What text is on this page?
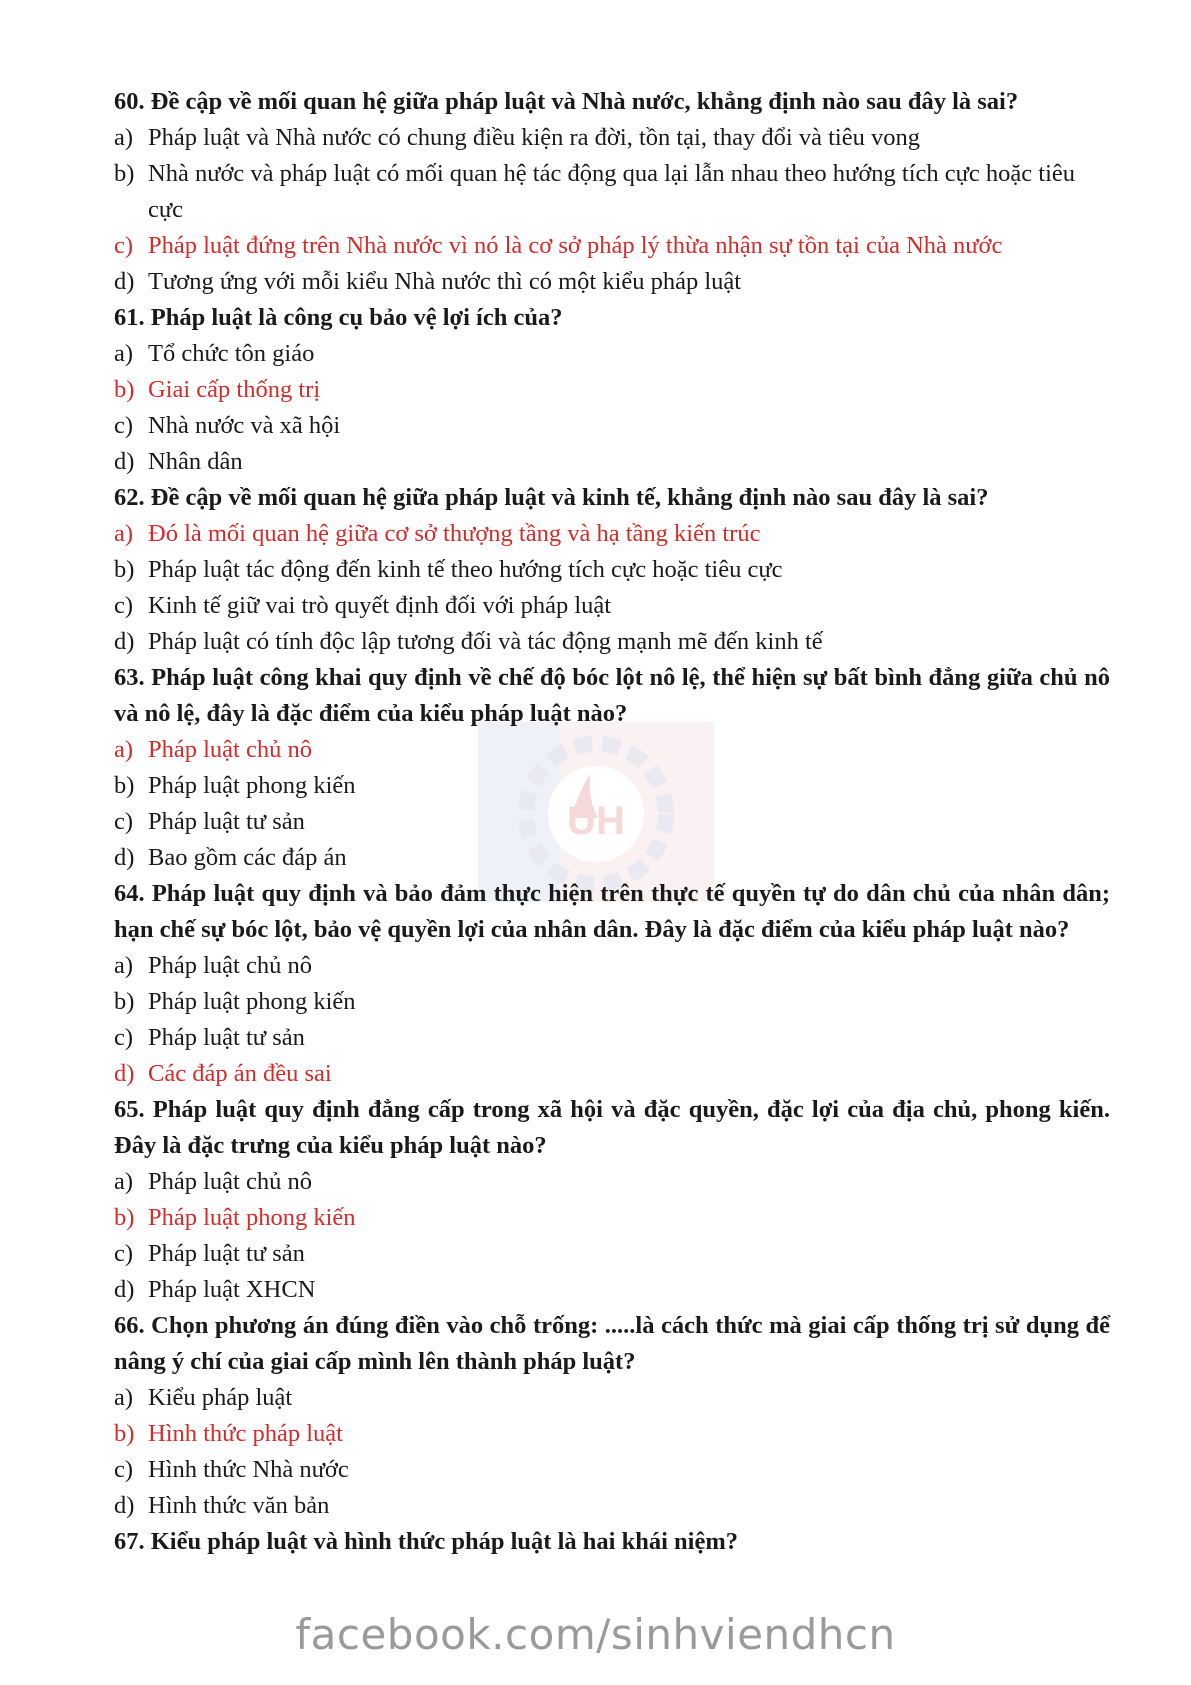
UH

60. Đề cập về mối quan hệ giữa pháp luật và Nhà nước, khẳng định nào sau đây là sai?

a) Pháp luật và Nhà nước có chung điều kiện ra đời, tồn tại, thay đổi và tiêu vong
b) Nhà nước và pháp luật có mối quan hệ tác động qua lại lẫn nhau theo hướng tích cực hoặc tiêu cực
c) Pháp luật đứng trên Nhà nước vì nó là cơ sở pháp lý thừa nhận sự tồn tại của Nhà nước
d) Tương ứng với mỗi kiểu Nhà nước thì có một kiểu pháp luật

61. Pháp luật là công cụ bảo vệ lợi ích của?

a) Tổ chức tôn giáo
b) Giai cấp thống trị
c) Nhà nước và xã hội
d) Nhân dân

62. Đề cập về mối quan hệ giữa pháp luật và kinh tế, khẳng định nào sau đây là sai?

a) Đó là mối quan hệ giữa cơ sở thượng tầng và hạ tầng kiến trúc
b) Pháp luật tác động đến kinh tế theo hướng tích cực hoặc tiêu cực
c) Kinh tế giữ vai trò quyết định đối với pháp luật
d) Pháp luật có tính độc lập tương đối và tác động mạnh mẽ đến kinh tế

63. Pháp luật công khai quy định về chế độ bóc lột nô lệ, thể hiện sự bất bình đẳng giữa chủ nô và nô lệ, đây là đặc điểm của kiểu pháp luật nào?

a) Pháp luật chủ nô
b) Pháp luật phong kiến
c) Pháp luật tư sản
d) Bao gồm các đáp án

64. Pháp luật quy định và bảo đảm thực hiện trên thực tế quyền tự do dân chủ của nhân dân; hạn chế sự bóc lột, bảo vệ quyền lợi của nhân dân. Đây là đặc điểm của kiểu pháp luật nào?

a) Pháp luật chủ nô
b) Pháp luật phong kiến
c) Pháp luật tư sản
d) Các đáp án đều sai

65. Pháp luật quy định đẳng cấp trong xã hội và đặc quyền, đặc lợi của địa chủ, phong kiến. Đây là đặc trưng của kiểu pháp luật nào?

a) Pháp luật chủ nô
b) Pháp luật phong kiến
c) Pháp luật tư sản
d) Pháp luật XHCN

66. Chọn phương án đúng điền vào chỗ trống: .....là cách thức mà giai cấp thống trị sử dụng để nâng ý chí của giai cấp mình lên thành pháp luật?

a) Kiểu pháp luật
b) Hình thức pháp luật
c) Hình thức Nhà nước
d) Hình thức văn bản

67. Kiểu pháp luật và hình thức pháp luật là hai khái niệm?

facebook.com/sinhviendhcn
